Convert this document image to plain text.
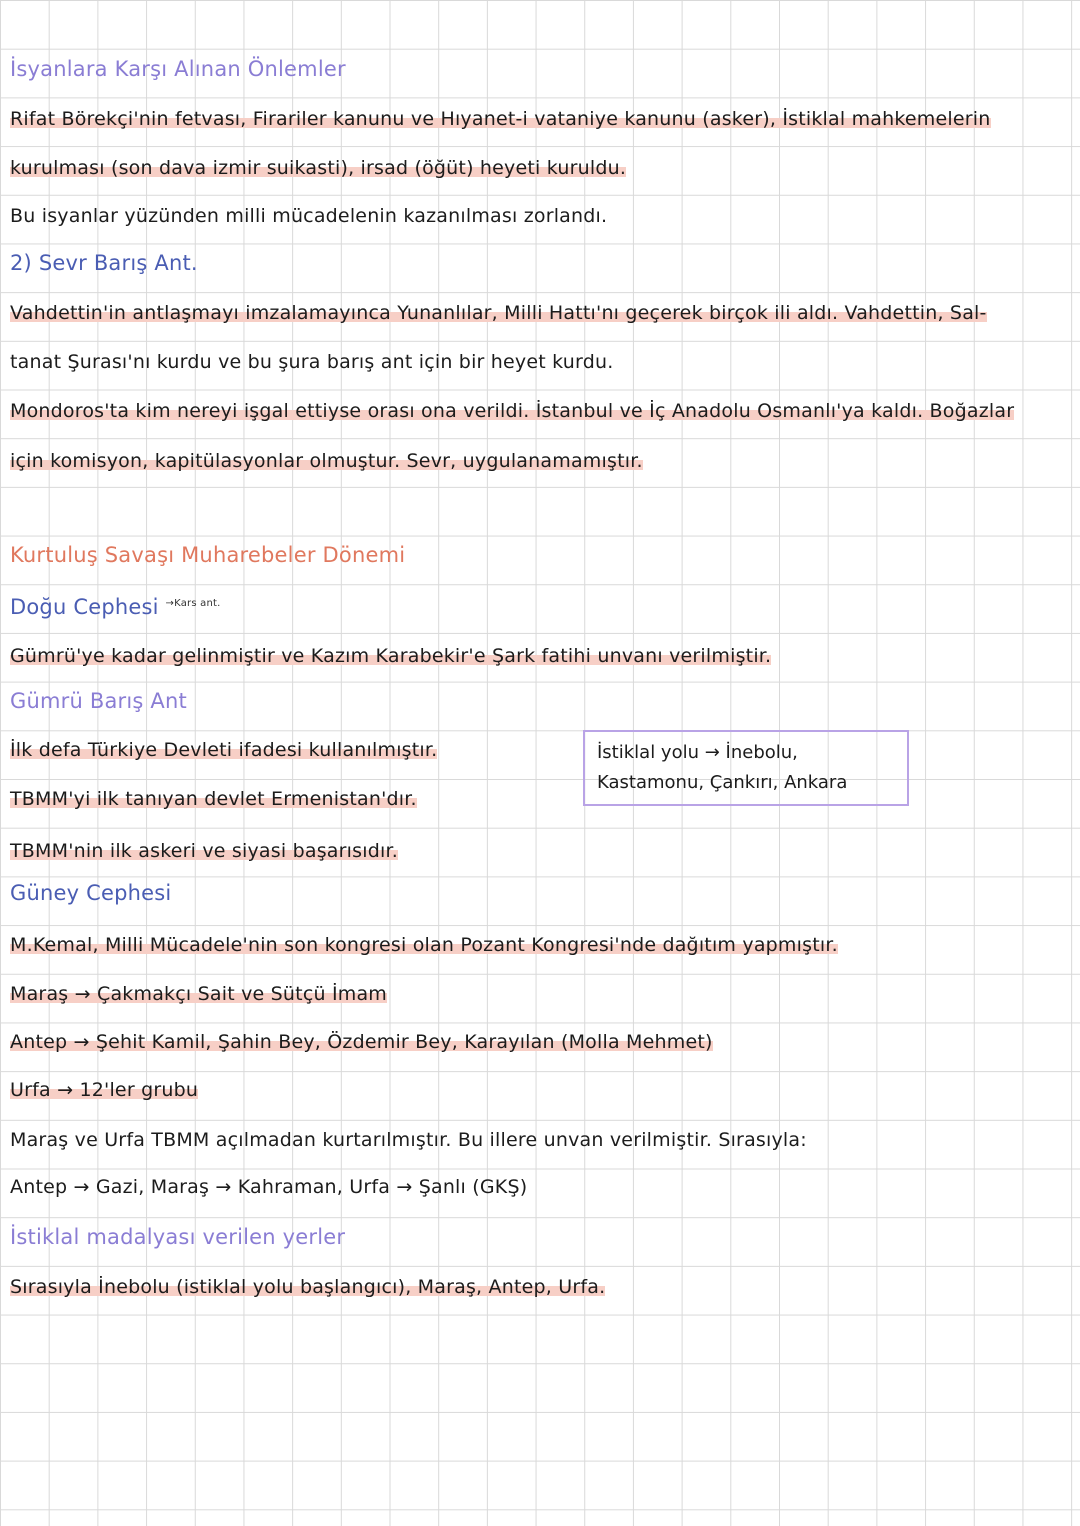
İsyanlara Karşı Alınan Önlemler
Rifat Börekçi'nin fetvası, Firariler kanunu ve Hıyanet-i vataniye kanunu (asker), İstiklal mahkemelerin
kurulması (son dava izmir suikasti), irsad (öğüt) heyeti kuruldu.
Bu isyanlar yüzünden milli mücadelenin kazanılması zorlandı.
2) Sevr Barış Ant.
Vahdettin'in antlaşmayı imzalamayınca Yunanlılar, Milli Hattı'nı geçerek birçok ili aldı. Vahdettin, Sal-
tanat Şurası'nı kurdu ve bu şura barış ant için bir heyet kurdu.
Mondoros'ta kim nereyi işgal ettiyse orası ona verildi. İstanbul ve İç Anadolu Osmanlı'ya kaldı. Boğazlar
için komisyon, kapitülasyonlar olmuştur. Sevr, uygulanamamıştır.
Kurtuluş Savaşı Muharebeler Dönemi
Doğu Cephesi $^{\to Kars ant.}$
Gümrü'ye kadar gelinmiştir ve Kazım Karabekir'e Şark fatihi unvanı verilmiştir.
Gümrü Barış Ant
İlk defa Türkiye Devleti ifadesi kullanılmıştır.
TBMM'yi ilk tanıyan devlet Ermenistan'dır.
TBMM'nin ilk askeri ve siyasi başarısıdır.
İstiklal yolu → İnebolu, Kastamonu, Çankırı, Ankara
Güney Cephesi
M.Kemal, Milli Mücadele'nin son kongresi olan Pozant Kongresi'nde dağıtım yapmıştır.
Maraş → Çakmakçı Sait ve Sütçü İmam
Antep → Şehit Kamil, Şahin Bey, Özdemir Bey, Karayılan (Molla Mehmet)
Urfa → 12'ler grubu
Maraş ve Urfa TBMM açılmadan kurtarılmıştır. Bu illere unvan verilmiştir. Sırasıyla:
Antep → Gazi, Maraş → Kahraman, Urfa → Şanlı (GKŞ)
İstiklal madalyası verilen yerler
Sırasıyla İnebolu (istiklal yolu başlangıcı), Maraş, Antep, Urfa.
